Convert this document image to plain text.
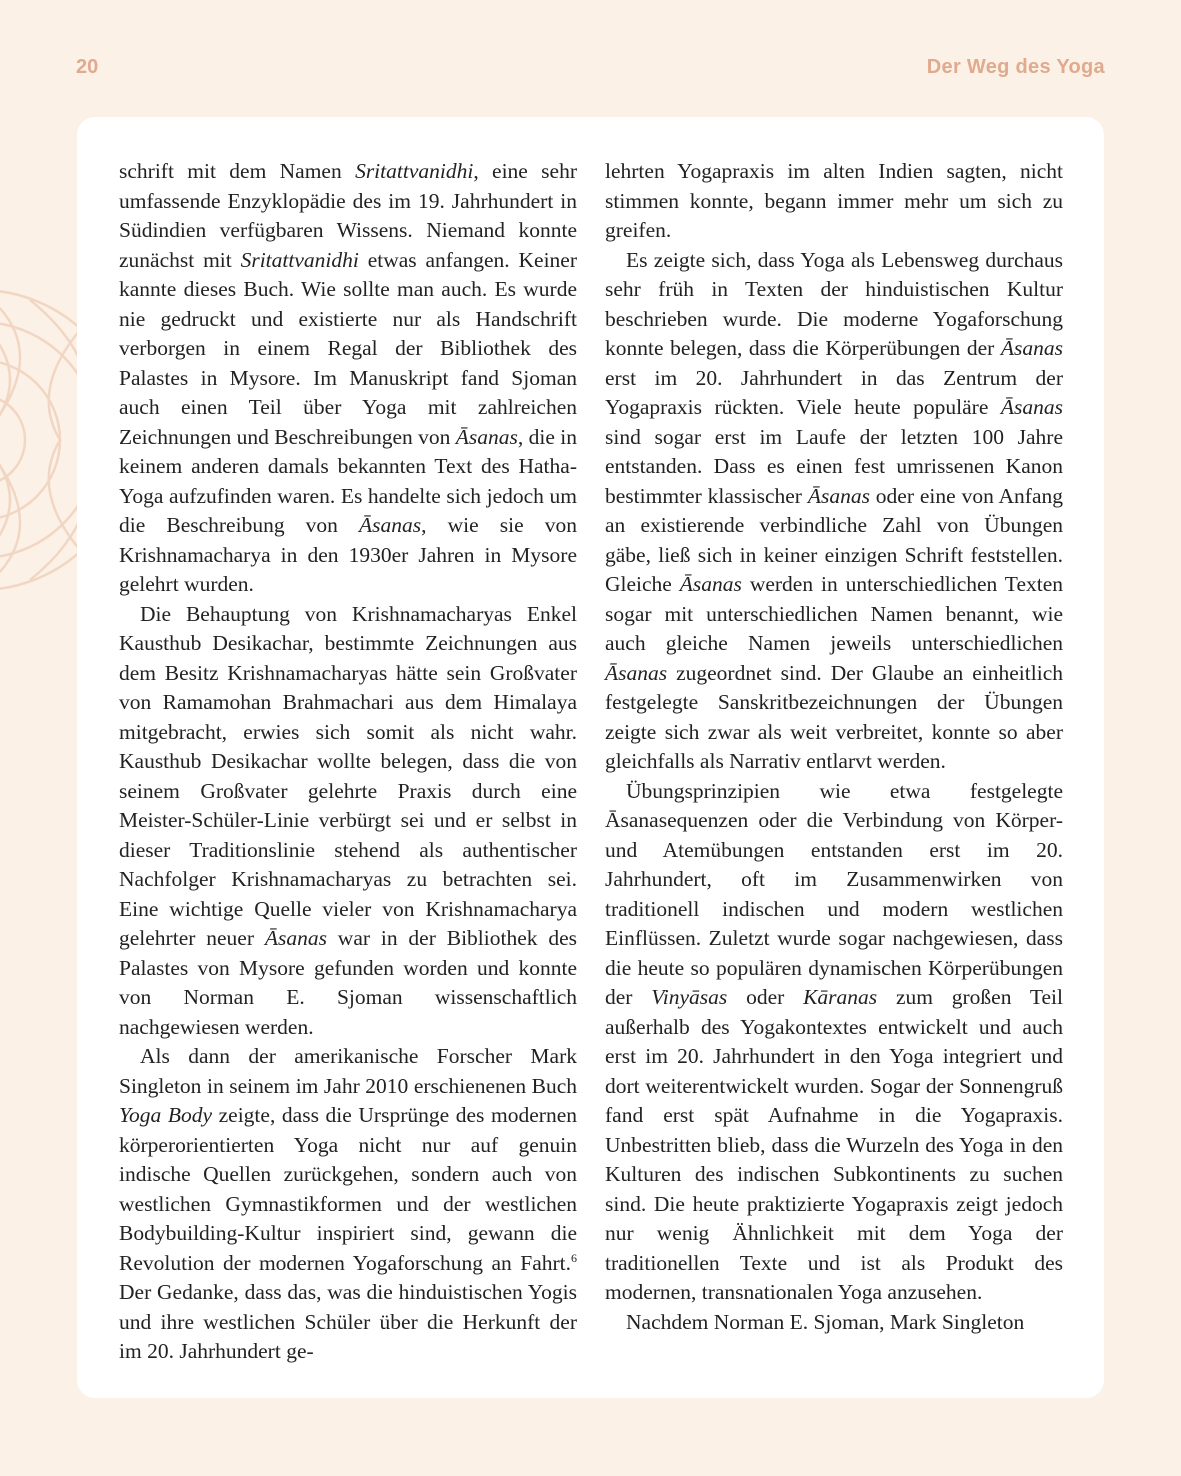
20	Der Weg des Yoga

schrift mit dem Namen Sritattvanidhi, eine sehr umfassende Enzyklopädie des im 19. Jahrhundert in Südindien verfügbaren Wissens. Niemand konnte zunächst mit Sritattvanidhi etwas anfangen. Keiner kannte dieses Buch. Wie sollte man auch. Es wurde nie gedruckt und existierte nur als Handschrift verborgen in einem Regal der Bibliothek des Palastes in Mysore. Im Manuskript fand Sjoman auch einen Teil über Yoga mit zahlreichen Zeichnungen und Beschreibungen von Āsanas, die in keinem anderen damals bekannten Text des Hatha-Yoga aufzufinden waren. Es handelte sich jedoch um die Beschreibung von Āsanas, wie sie von Krishnamacharya in den 1930er Jahren in Mysore gelehrt wurden.

Die Behauptung von Krishnamacharyas Enkel Kausthub Desikachar, bestimmte Zeichnungen aus dem Besitz Krishnamacharyas hätte sein Großvater von Ramamohan Brahmachari aus dem Himalaya mitgebracht, erwies sich somit als nicht wahr. Kausthub Desikachar wollte belegen, dass die von seinem Großvater gelehrte Praxis durch eine Meister-Schüler-Linie verbürgt sei und er selbst in dieser Traditionslinie stehend als authentischer Nachfolger Krishnamacharyas zu betrachten sei. Eine wichtige Quelle vieler von Krishnamacharya gelehrter neuer Āsanas war in der Bibliothek des Palastes von Mysore gefunden worden und konnte von Norman E. Sjoman wissenschaftlich nachgewiesen werden.

Als dann der amerikanische Forscher Mark Singleton in seinem im Jahr 2010 erschienenen Buch Yoga Body zeigte, dass die Ursprünge des modernen körperorientierten Yoga nicht nur auf genuin indische Quellen zurückgehen, sondern auch von westlichen Gymnastikformen und der westlichen Bodybuilding-Kultur inspiriert sind, gewann die Revolution der modernen Yogaforschung an Fahrt.$^6$ Der Gedanke, dass das, was die hinduistischen Yogis und ihre westlichen Schüler über die Herkunft der im 20. Jahrhundert ge-

lehrten Yogapraxis im alten Indien sagten, nicht stimmen konnte, begann immer mehr um sich zu greifen.

Es zeigte sich, dass Yoga als Lebensweg durchaus sehr früh in Texten der hinduistischen Kultur beschrieben wurde. Die moderne Yogaforschung konnte belegen, dass die Körperübungen der Āsanas erst im 20. Jahrhundert in das Zentrum der Yogapraxis rückten. Viele heute populäre Āsanas sind sogar erst im Laufe der letzten 100 Jahre entstanden. Dass es einen fest umrissenen Kanon bestimmter klassischer Āsanas oder eine von Anfang an existierende verbindliche Zahl von Übungen gäbe, ließ sich in keiner einzigen Schrift feststellen. Gleiche Āsanas werden in unterschiedlichen Texten sogar mit unterschiedlichen Namen benannt, wie auch gleiche Namen jeweils unterschiedlichen Āsanas zugeordnet sind. Der Glaube an einheitlich festgelegte Sanskritbezeichnungen der Übungen zeigte sich zwar als weit verbreitet, konnte so aber gleichfalls als Narrativ entlarvt werden.

Übungsprinzipien wie etwa festgelegte Āsanasequenzen oder die Verbindung von Körper- und Atemübungen entstanden erst im 20. Jahrhundert, oft im Zusammenwirken von traditionell indischen und modern westlichen Einflüssen. Zuletzt wurde sogar nachgewiesen, dass die heute so populären dynamischen Körperübungen der Vinyāsas oder Kāranas zum großen Teil außerhalb des Yogakontextes entwickelt und auch erst im 20. Jahrhundert in den Yoga integriert und dort weiterentwickelt wurden. Sogar der Sonnengruß fand erst spät Aufnahme in die Yogapraxis. Unbestritten blieb, dass die Wurzeln des Yoga in den Kulturen des indischen Subkontinents zu suchen sind. Die heute praktizierte Yogapraxis zeigt jedoch nur wenig Ähnlichkeit mit dem Yoga der traditionellen Texte und ist als Produkt des modernen, transnationalen Yoga anzusehen.

Nachdem Norman E. Sjoman, Mark Singleton
